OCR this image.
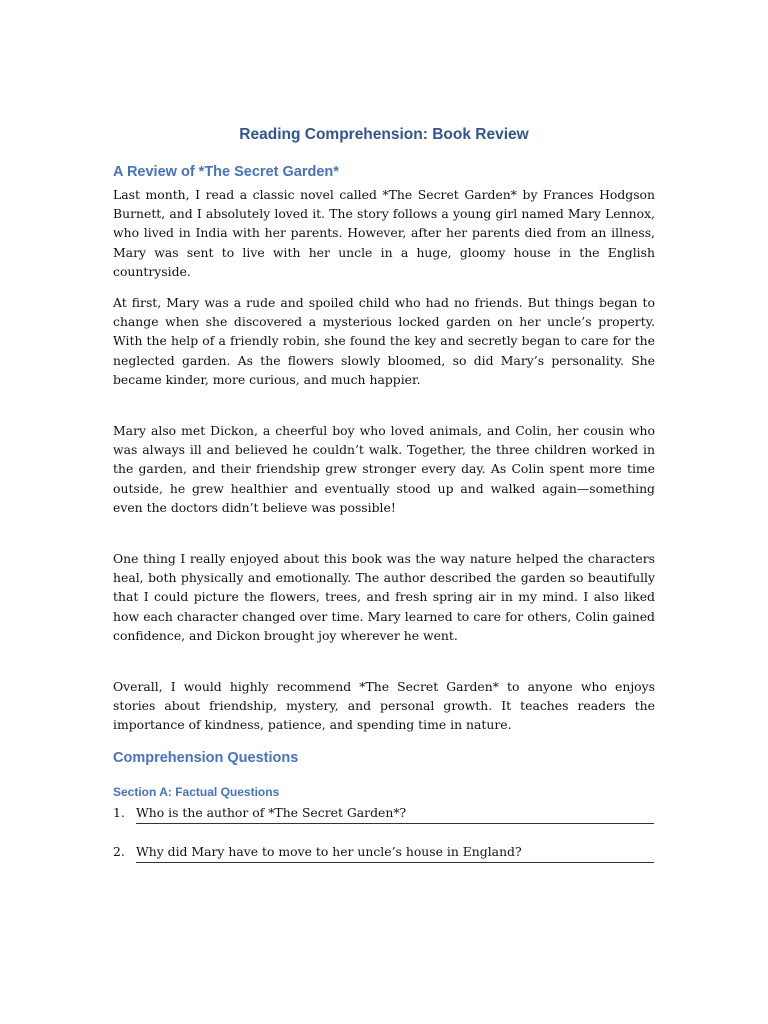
Reading Comprehension: Book Review
A Review of *The Secret Garden*

Last month, I read a classic novel called *The Secret Garden* by Frances Hodgson Burnett, and I absolutely loved it. The story follows a young girl named Mary Lennox, who lived in India with her parents. However, after her parents died from an illness, Mary was sent to live with her uncle in a huge, gloomy house in the English countryside.

At first, Mary was a rude and spoiled child who had no friends. But things began to change when she discovered a mysterious locked garden on her uncle’s property. With the help of a friendly robin, she found the key and secretly began to care for the neglected garden. As the flowers slowly bloomed, so did Mary’s personality. She became kinder, more curious, and much happier.

Mary also met Dickon, a cheerful boy who loved animals, and Colin, her cousin who was always ill and believed he couldn’t walk. Together, the three children worked in the garden, and their friendship grew stronger every day. As Colin spent more time outside, he grew healthier and eventually stood up and walked again—something even the doctors didn’t believe was possible!

One thing I really enjoyed about this book was the way nature helped the characters heal, both physically and emotionally. The author described the garden so beautifully that I could picture the flowers, trees, and fresh spring air in my mind. I also liked how each character changed over time. Mary learned to care for others, Colin gained confidence, and Dickon brought joy wherever he went.

Overall, I would highly recommend *The Secret Garden* to anyone who enjoys stories about friendship, mystery, and personal growth. It teaches readers the importance of kindness, patience, and spending time in nature.

Comprehension Questions
Section A: Factual Questions
1. Who is the author of *The Secret Garden*?
2. Why did Mary have to move to her uncle’s house in England?
